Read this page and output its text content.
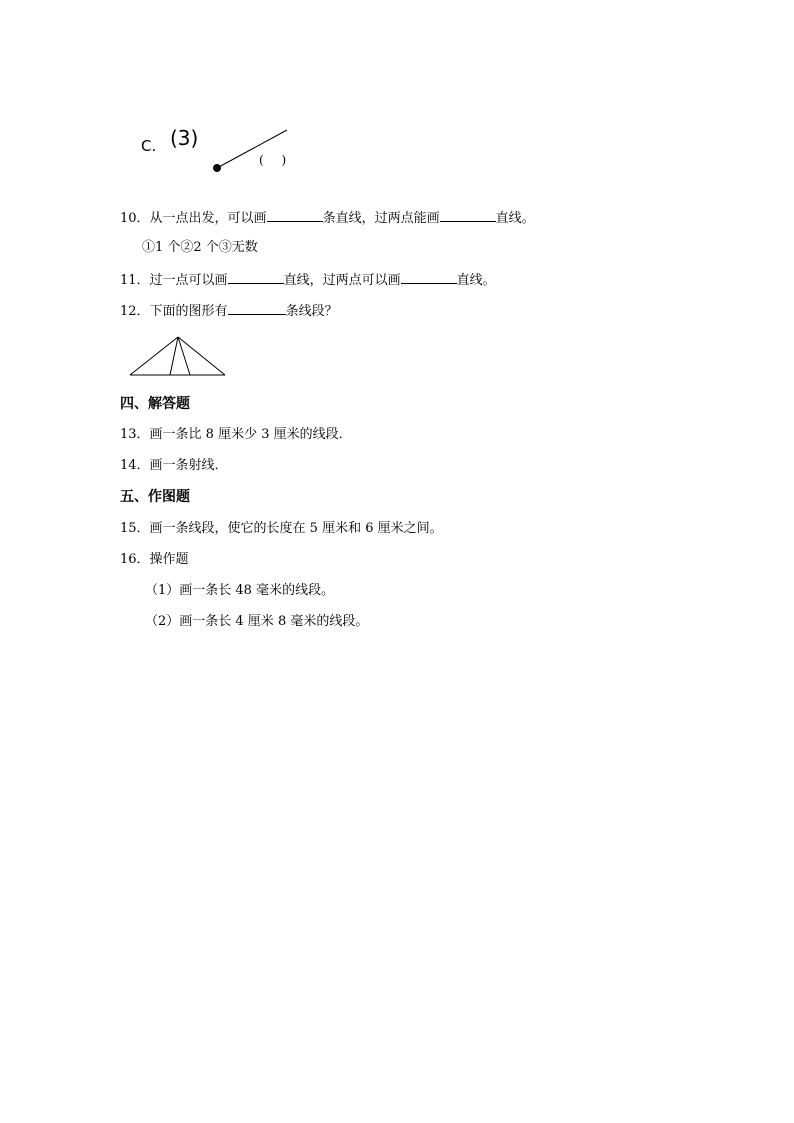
C. (3)
( )
10．从一点出发，可以画	条直线，过两点能画	直线。
①1 个②2 个③无数
11．过一点可以画	直线，过两点可以画	直线。
12．下面的图形有	条线段？
四、解答题
13．画一条比 8 厘米少 3 厘米的线段．
14．画一条射线．
五、作图题
15．画一条线段，使它的长度在 5 厘米和 6 厘米之间。
16．操作题
（1）画一条长 48 毫米的线段。
（2）画一条长 4 厘米 8 毫米的线段。
